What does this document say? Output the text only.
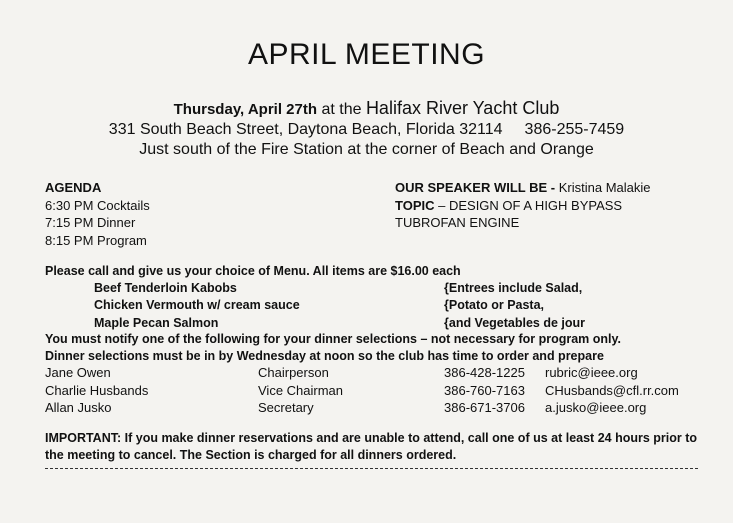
APRIL MEETING
Thursday, April 27th at the Halifax River Yacht Club
331 South Beach Street, Daytona Beach, Florida 32114 386-255-7459
Just south of the Fire Station at the corner of Beach and Orange
AGENDA
6:30 PM Cocktails
7:15 PM Dinner
8:15 PM Program
OUR SPEAKER WILL BE - Kristina Malakie
TOPIC – DESIGN OF A HIGH BYPASS
TUBROFAN ENGINE
Please call and give us your choice of Menu. All items are $16.00 each
Beef Tenderloin Kabobs
Chicken Vermouth w/ cream sauce
Maple Pecan Salmon
{Entrees include Salad,
{Potato or Pasta,
{and Vegetables de jour
You must notify one of the following for your dinner selections – not necessary for program only.
Dinner selections must be in by Wednesday at noon so the club has time to order and prepare
Jane Owen	Chairperson	386-428-1225 rubric@ieee.org
Charlie Husbands	Vice Chairman	386-760-7163 CHusbands@cfl.rr.com
Allan Jusko	Secretary	386-671-3706 a.jusko@ieee.org
IMPORTANT: If you make dinner reservations and are unable to attend, call one of us at least 24 hours prior to the meeting to cancel. The Section is charged for all dinners ordered.
